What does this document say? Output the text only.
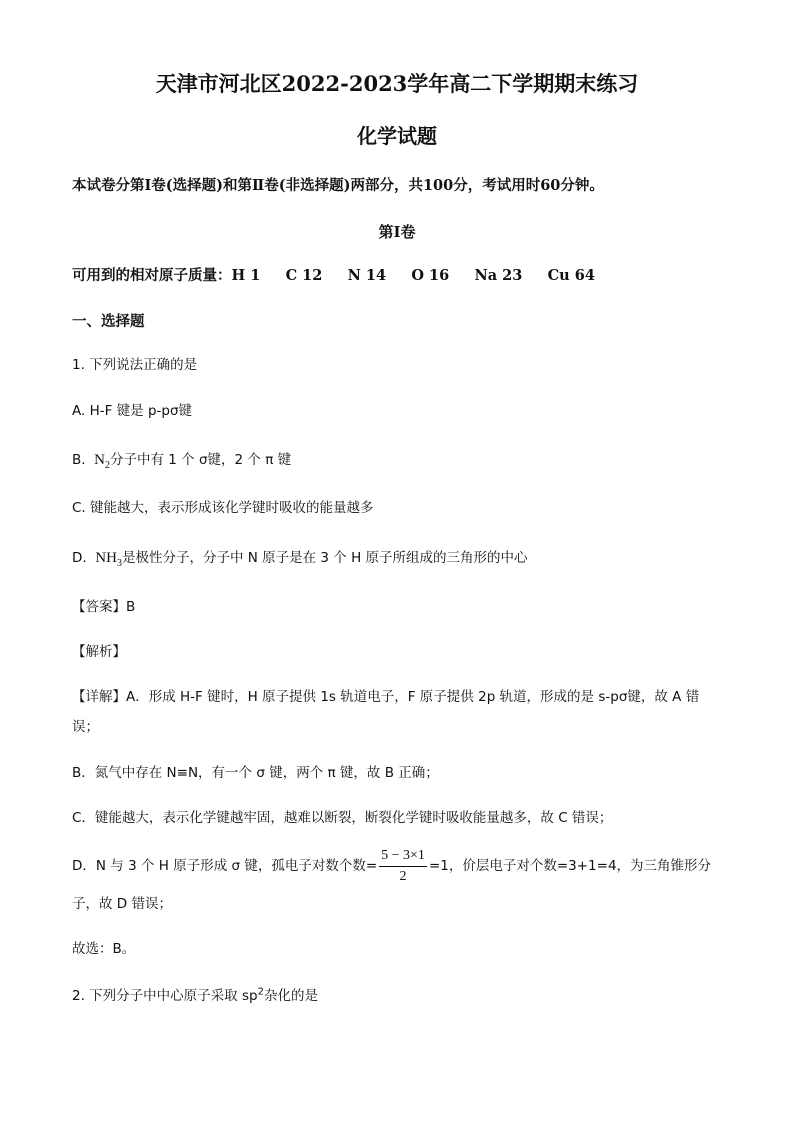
天津市河北区2022-2023学年高二下学期期末练习
化学试题
本试卷分第Ⅰ卷(选择题)和第Ⅱ卷(非选择题)两部分，共100分，考试用时60分钟。
第Ⅰ卷
可用到的相对原子质量：H 1 C 12 N 14 O 16 Na 23 Cu 64
一、选择题
1. 下列说法正确的是
A. H-F 键是 p-pσ键
B. $N_2$分子中有 1 个 σ键，2 个 π 键
C. 键能越大，表示形成该化学键时吸收的能量越多
D. $NH_3$是极性分子，分子中 N 原子是在 3 个 H 原子所组成的三角形的中心
【答案】B
【解析】
【详解】A．形成 H-F 键时，H 原子提供 1s 轨道电子，F 原子提供 2p 轨道，形成的是 s-pσ键，故 A 错
误；
B．氮气中存在 N≡N，有一个 σ 键，两个 π 键，故 B 正确；
C．键能越大，表示化学键越牢固，越难以断裂，断裂化学键时吸收能量越多，故 C 错误；
D．N 与 3 个 H 原子形成 σ 键，孤电子对数个数= $\frac{5 - 3\times 1}{2} =1$，价层电子对个数=3+1=4，为三角锥形分
子，故 D 错误；
故选：B。
2. 下列分子中中心原子采取 $sp^2$杂化的是
